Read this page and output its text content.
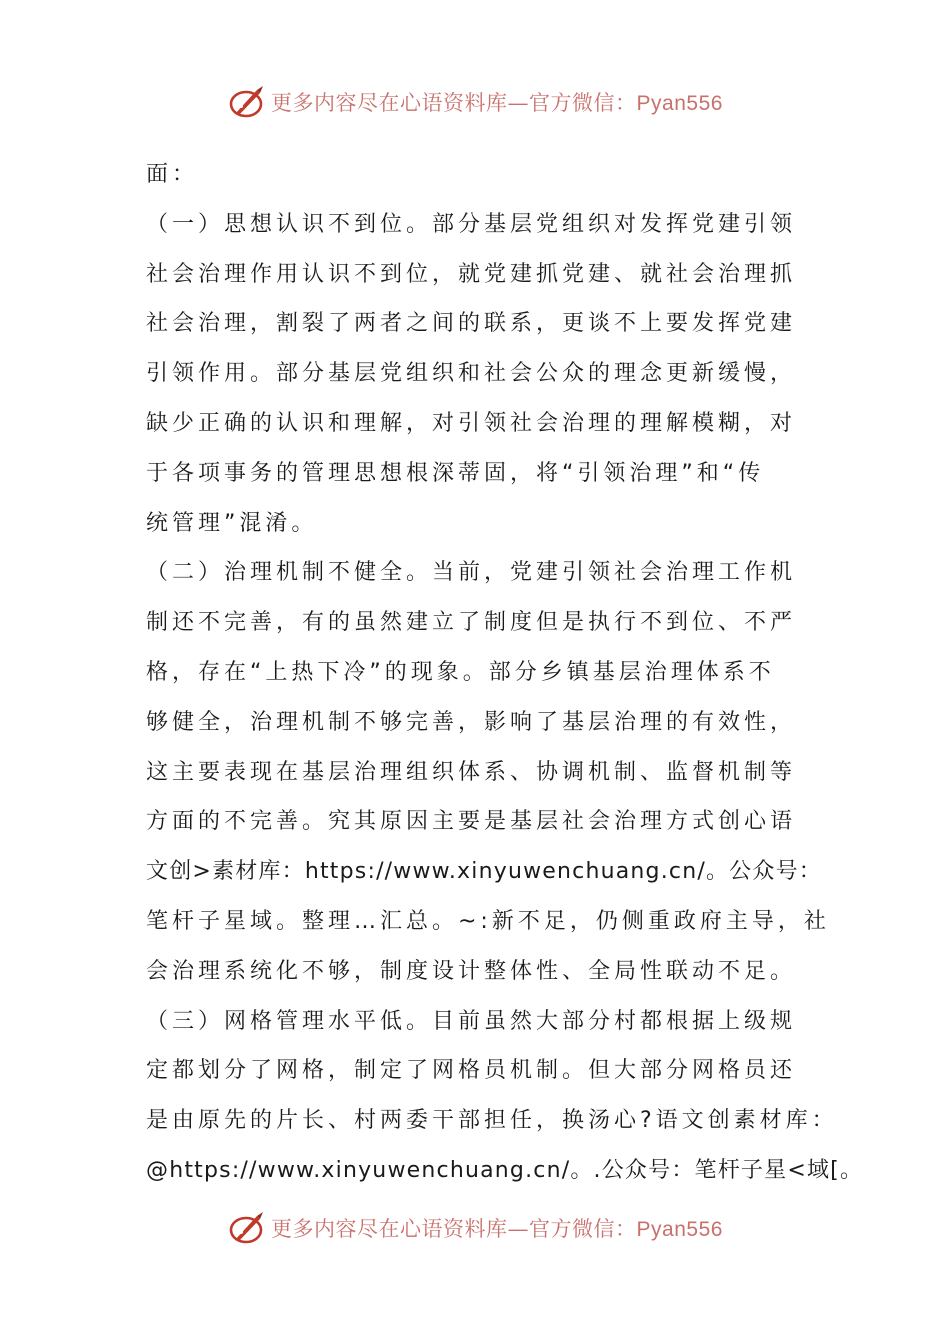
更多内容尽在心语资料库—官方微信：Pyan556
面：
（一）思想认识不到位。部分基层党组织对发挥党建引领
社会治理作用认识不到位，就党建抓党建、就社会治理抓
社会治理，割裂了两者之间的联系，更谈不上要发挥党建
引领作用。部分基层党组织和社会公众的理念更新缓慢，
缺少正确的认识和理解，对引领社会治理的理解模糊，对
于各项事务的管理思想根深蒂固，将“引领治理”和“传
统管理”混淆。
（二）治理机制不健全。当前，党建引领社会治理工作机
制还不完善，有的虽然建立了制度但是执行不到位、不严
格，存在“上热下冷”的现象。部分乡镇基层治理体系不
够健全，治理机制不够完善，影响了基层治理的有效性，
这主要表现在基层治理组织体系、协调机制、监督机制等
方面的不完善。究其原因主要是基层社会治理方式创心语
文创>素材库：https://www.xinyuwenchuang.cn/。公众号：
笔杆子星域。整理…汇总。~:新不足，仍侧重政府主导，社
会治理系统化不够，制度设计整体性、全局性联动不足。
（三）网格管理水平低。目前虽然大部分村都根据上级规
定都划分了网格，制定了网格员机制。但大部分网格员还
是由原先的片长、村两委干部担任，换汤心?语文创素材库：
@https://www.xinyuwenchuang.cn/。.公众号：笔杆子星<域[。
更多内容尽在心语资料库—官方微信：Pyan556
